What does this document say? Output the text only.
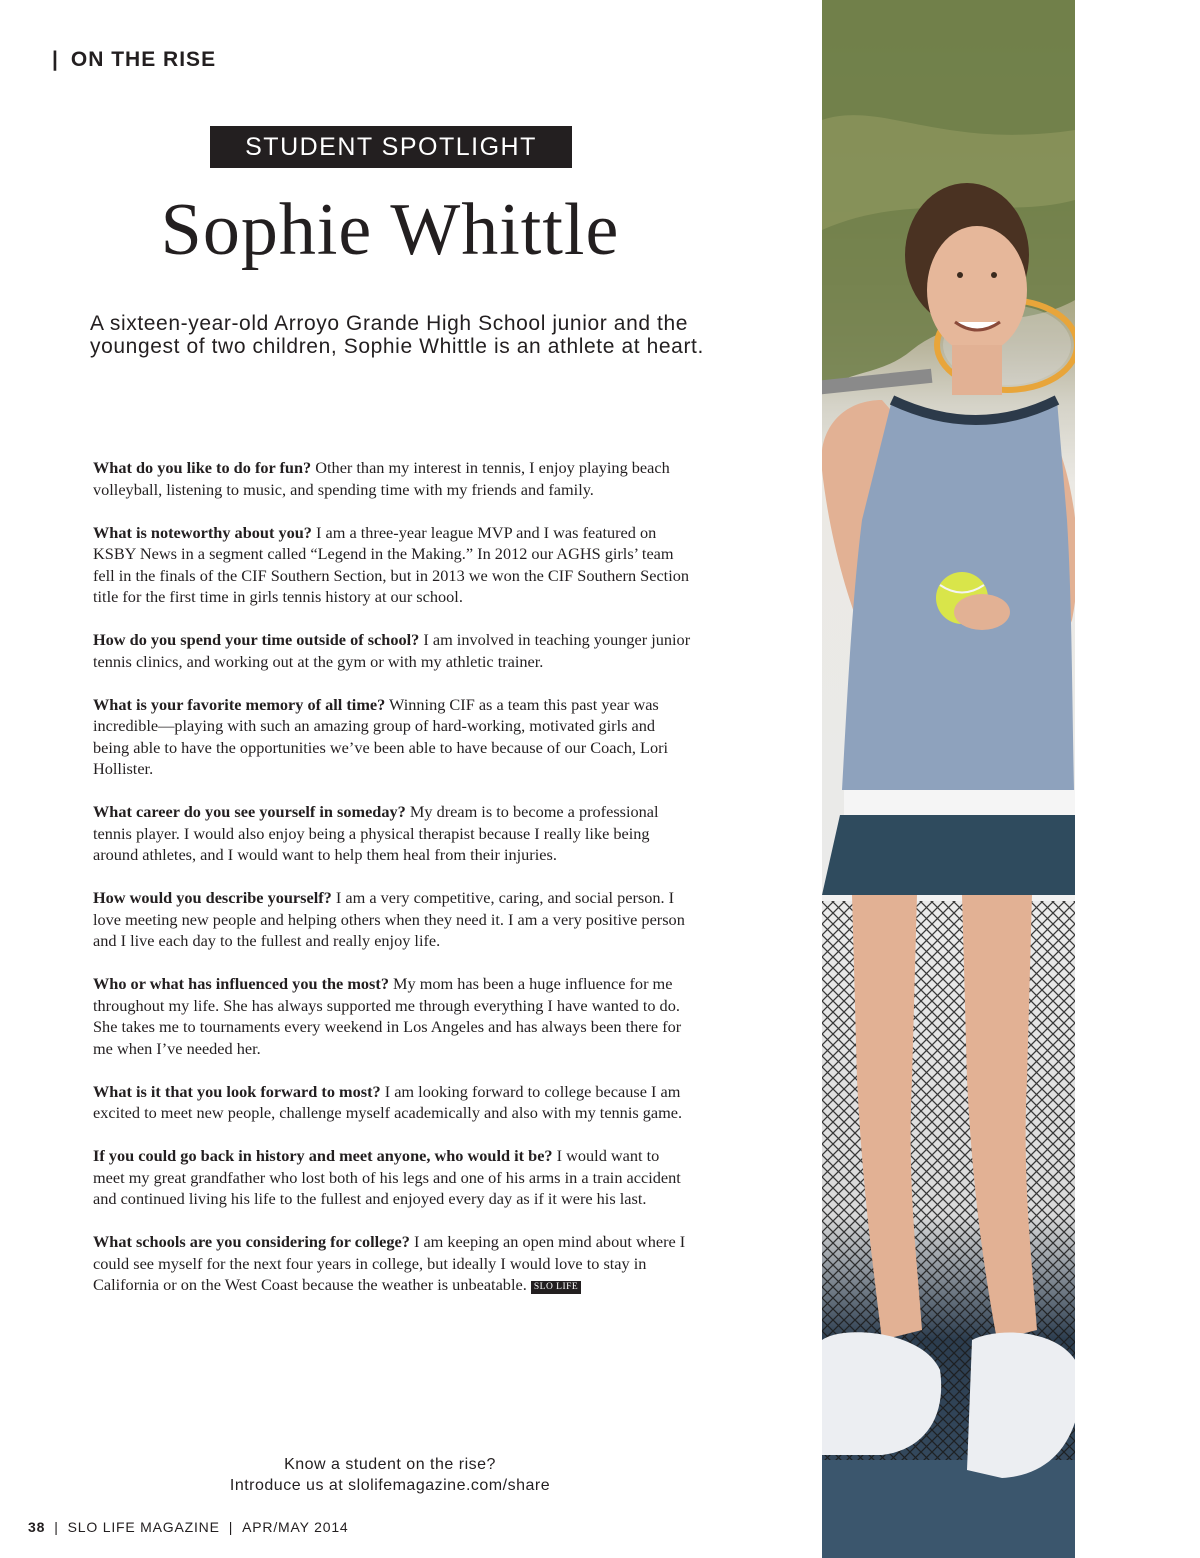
| ON THE RISE
STUDENT SPOTLIGHT
Sophie Whittle
A sixteen-year-old Arroyo Grande High School junior and the youngest of two children, Sophie Whittle is an athlete at heart.

What do you like to do for fun? Other than my interest in tennis, I enjoy playing beach volleyball, listening to music, and spending time with my friends and family.

What is noteworthy about you? I am a three-year league MVP and I was featured on KSBY News in a segment called “Legend in the Making.” In 2012 our AGHS girls’ team fell in the finals of the CIF Southern Section, but in 2013 we won the CIF Southern Section title for the first time in girls tennis history at our school.

How do you spend your time outside of school? I am involved in teaching younger junior tennis clinics, and working out at the gym or with my athletic trainer.

What is your favorite memory of all time? Winning CIF as a team this past year was incredible—playing with such an amazing group of hard-working, motivated girls and being able to have the opportunities we’ve been able to have because of our Coach, Lori Hollister.

What career do you see yourself in someday? My dream is to become a professional tennis player. I would also enjoy being a physical therapist because I really like being around athletes, and I would want to help them heal from their injuries.

How would you describe yourself? I am a very competitive, caring, and social person. I love meeting new people and helping others when they need it. I am a very positive person and I live each day to the fullest and really enjoy life.

Who or what has influenced you the most? My mom has been a huge influence for me throughout my life. She has always supported me through everything I have wanted to do. She takes me to tournaments every weekend in Los Angeles and has always been there for me when I’ve needed her.

What is it that you look forward to most? I am looking forward to college because I am excited to meet new people, challenge myself academically and also with my tennis game.

If you could go back in history and meet anyone, who would it be? I would want to meet my great grandfather who lost both of his legs and one of his arms in a train accident and continued living his life to the fullest and enjoyed every day as if it were his last.

What schools are you considering for college? I am keeping an open mind about where I could see myself for the next four years in college, but ideally I would love to stay in California or on the West Coast because the weather is unbeatable. SLO LIFE

Know a student on the rise?
Introduce us at slolifemagazine.com/share
38 | SLO LIFE MAGAZINE | APR/MAY 2014
